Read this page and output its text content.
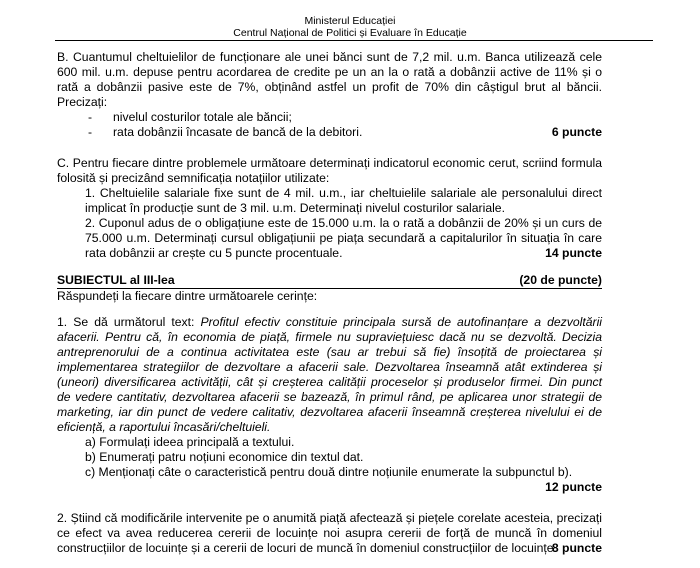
Ministerul Educației
Centrul Național de Politici și Evaluare în Educație
B. Cuantumul cheltuielilor de funcționare ale unei bănci sunt de 7,2 mil. u.m. Banca utilizează cele
600 mil. u.m. depuse pentru acordarea de credite pe un an la o rată a dobânzii active de 11% și o
rată a dobânzii pasive este de 7%, obținând astfel un profit de 70% din câștigul brut al băncii.
Precizați:
- nivelul costurilor totale ale băncii;
- rata dobânzii încasate de bancă de la debitori.	6 puncte
C. Pentru fiecare dintre problemele următoare determinați indicatorul economic cerut, scriind formula
folosită și precizând semnificația notațiilor utilizate:
1. Cheltuielile salariale fixe sunt de 4 mil. u.m., iar cheltuielile salariale ale personalului direct
implicat în producție sunt de 3 mil. u.m. Determinați nivelul costurilor salariale.
2. Cuponul adus de o obligațiune este de 15.000 u.m. la o rată a dobânzii de 20% și un curs de
75.000 u.m. Determinați cursul obligațiunii pe piața secundară a capitalurilor în situația în care
rata dobânzii ar crește cu 5 puncte procentuale.	14 puncte
SUBIECTUL al III-lea	(20 de puncte)
Răspundeți la fiecare dintre următoarele cerințe:
1. Se dă următorul text: Profitul efectiv constituie principala sursă de autofinanțare a dezvoltării
afacerii. Pentru că, în economia de piață, firmele nu supraviețuiesc dacă nu se dezvoltă. Decizia
antreprenorului de a continua activitatea este (sau ar trebui să fie) însoțită de proiectarea și
implementarea strategiilor de dezvoltare a afacerii sale. Dezvoltarea înseamnă atât extinderea și
(uneori) diversificarea activității, cât și creșterea calității proceselor și produselor firmei. Din punct
de vedere cantitativ, dezvoltarea afacerii se bazează, în primul rând, pe aplicarea unor strategii de
marketing, iar din punct de vedere calitativ, dezvoltarea afacerii înseamnă creșterea nivelului ei de
eficiență, a raportului încasări/cheltuieli.
a) Formulați ideea principală a textului.
b) Enumerați patru noțiuni economice din textul dat.
c) Menționați câte o caracteristică pentru două dintre noțiunile enumerate la subpunctul b).
12 puncte
2. Știind că modificările intervenite pe o anumită piață afectează și piețele corelate acesteia, precizați
ce efect va avea reducerea cererii de locuințe noi asupra cererii de forță de muncă în domeniul
construcțiilor de locuințe și a cererii de locuri de muncă în domeniul construcțiilor de locuințe.
8 puncte
